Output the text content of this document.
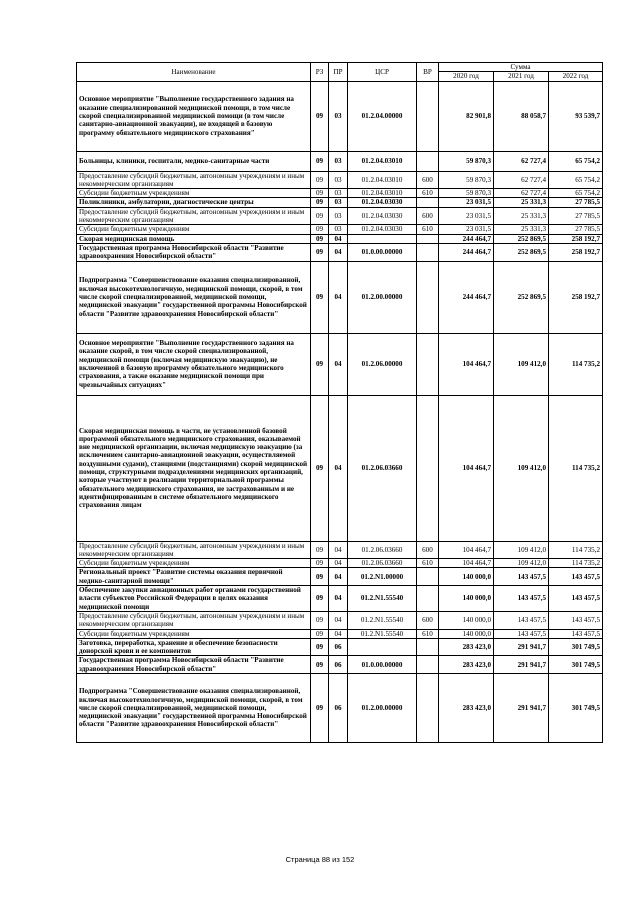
Наименование	РЗ	ПР	ЦСР	ВР	Сумма		
					2020 год	2021 год	2022 год
Основное мероприятие "Выполнение государственного задания на оказание специализированной медицинской помощи, в том числе скорой специализированной медицинской помощи (в том числе санитарно-авиационной эвакуации), не входящей в базовую программу обязательного медицинского страхования"	09	03	01.2.04.00000		82 901,8	88 058,7	93 539,7
Больницы, клиники, госпитали, медико-санитарные части	09	03	01.2.04.03010		59 870,3	62 727,4	65 754,2
Предоставление субсидий бюджетным, автономным учреждениям и иным некоммерческим организациям	09	03	01.2.04.03010	600	59 870,3	62 727,4	65 754,2
Субсидии бюджетным учреждениям	09	03	01.2.04.03010	610	59 870,3	62 727,4	65 754,2
Поликлиники, амбулатории, диагностические центры	09	03	01.2.04.03030		23 031,5	25 331,3	27 785,5
Предоставление субсидий бюджетным, автономным учреждениям и иным некоммерческим организациям	09	03	01.2.04.03030	600	23 031,5	25 331,3	27 785,5
Субсидии бюджетным учреждениям	09	03	01.2.04.03030	610	23 031,5	25 331,3	27 785,5
Скорая медицинская помощь	09	04			244 464,7	252 869,5	258 192,7
Государственная программа Новосибирской области "Развитие здравоохранения Новосибирской области"	09	04	01.0.00.00000		244 464,7	252 869,5	258 192,7
Подпрограмма "Совершенствование оказания специализированной, включая высокотехнологичную, медицинской помощи, скорой, в том числе скорой специализированной, медицинской помощи, медицинской эвакуации" государственной программы Новосибирской области "Развитие здравоохранения Новосибирской области"	09	04	01.2.00.00000		244 464,7	252 869,5	258 192,7
Основное мероприятие "Выполнение государственного задания на оказание скорой, в том числе скорой специализированной, медицинской помощи (включая медицинскую эвакуацию), не включенной в базовую программу обязательного медицинского страхования, а также оказание медицинской помощи при чрезвычайных ситуациях"	09	04	01.2.06.00000		104 464,7	109 412,0	114 735,2
Скорая медицинская помощь в части, не установленной базовой программой обязательного медицинского страхования, оказываемой вне медицинской организации, включая медицинскую эвакуацию (за исключением санитарно-авиационной эвакуации, осуществляемой воздушными судами), станциями (подстанциями) скорой медицинской помощи, структурными подразделениями медицинских организаций, которые участвуют в реализации территориальной программы обязательного медицинского страхования, не застрахованным и не идентифицированным в системе обязательного медицинского страхования лицам	09	04	01.2.06.03660		104 464,7	109 412,0	114 735,2
Предоставление субсидий бюджетным, автономным учреждениям и иным некоммерческим организациям	09	04	01.2.06.03660	600	104 464,7	109 412,0	114 735,2
Субсидии бюджетным учреждениям	09	04	01.2.06.03660	610	104 464,7	109 412,0	114 735,2
Региональный проект "Развитие системы оказания первичной медико-санитарной помощи"	09	04	01.2.N1.00000		140 000,0	143 457,5	143 457,5
Обеспечение закупки авиационных работ органами государственной власти субъектов Российской Федерации в целях оказания медицинской помощи	09	04	01.2.N1.55540		140 000,0	143 457,5	143 457,5
Предоставление субсидий бюджетным, автономным учреждениям и иным некоммерческим организациям	09	04	01.2.N1.55540	600	140 000,0	143 457,5	143 457,5
Субсидии бюджетным учреждениям	09	04	01.2.N1.55540	610	140 000,0	143 457,5	143 457,5
Заготовка, переработка, хранение и обеспечение безопасности донорской крови и ее компонентов	09	06			283 423,0	291 941,7	301 749,5
Государственная программа Новосибирской области "Развитие здравоохранения Новосибирской области"	09	06	01.0.00.00000		283 423,0	291 941,7	301 749,5
Подпрограмма "Совершенствование оказания специализированной, включая высокотехнологичную, медицинской помощи, скорой, в том числе скорой специализированной, медицинской помощи, медицинской эвакуации" государственной программы Новосибирской области "Развитие здравоохранения Новосибирской области"	09	06	01.2.00.00000		283 423,0	291 941,7	301 749,5
Страница 88 из 152
